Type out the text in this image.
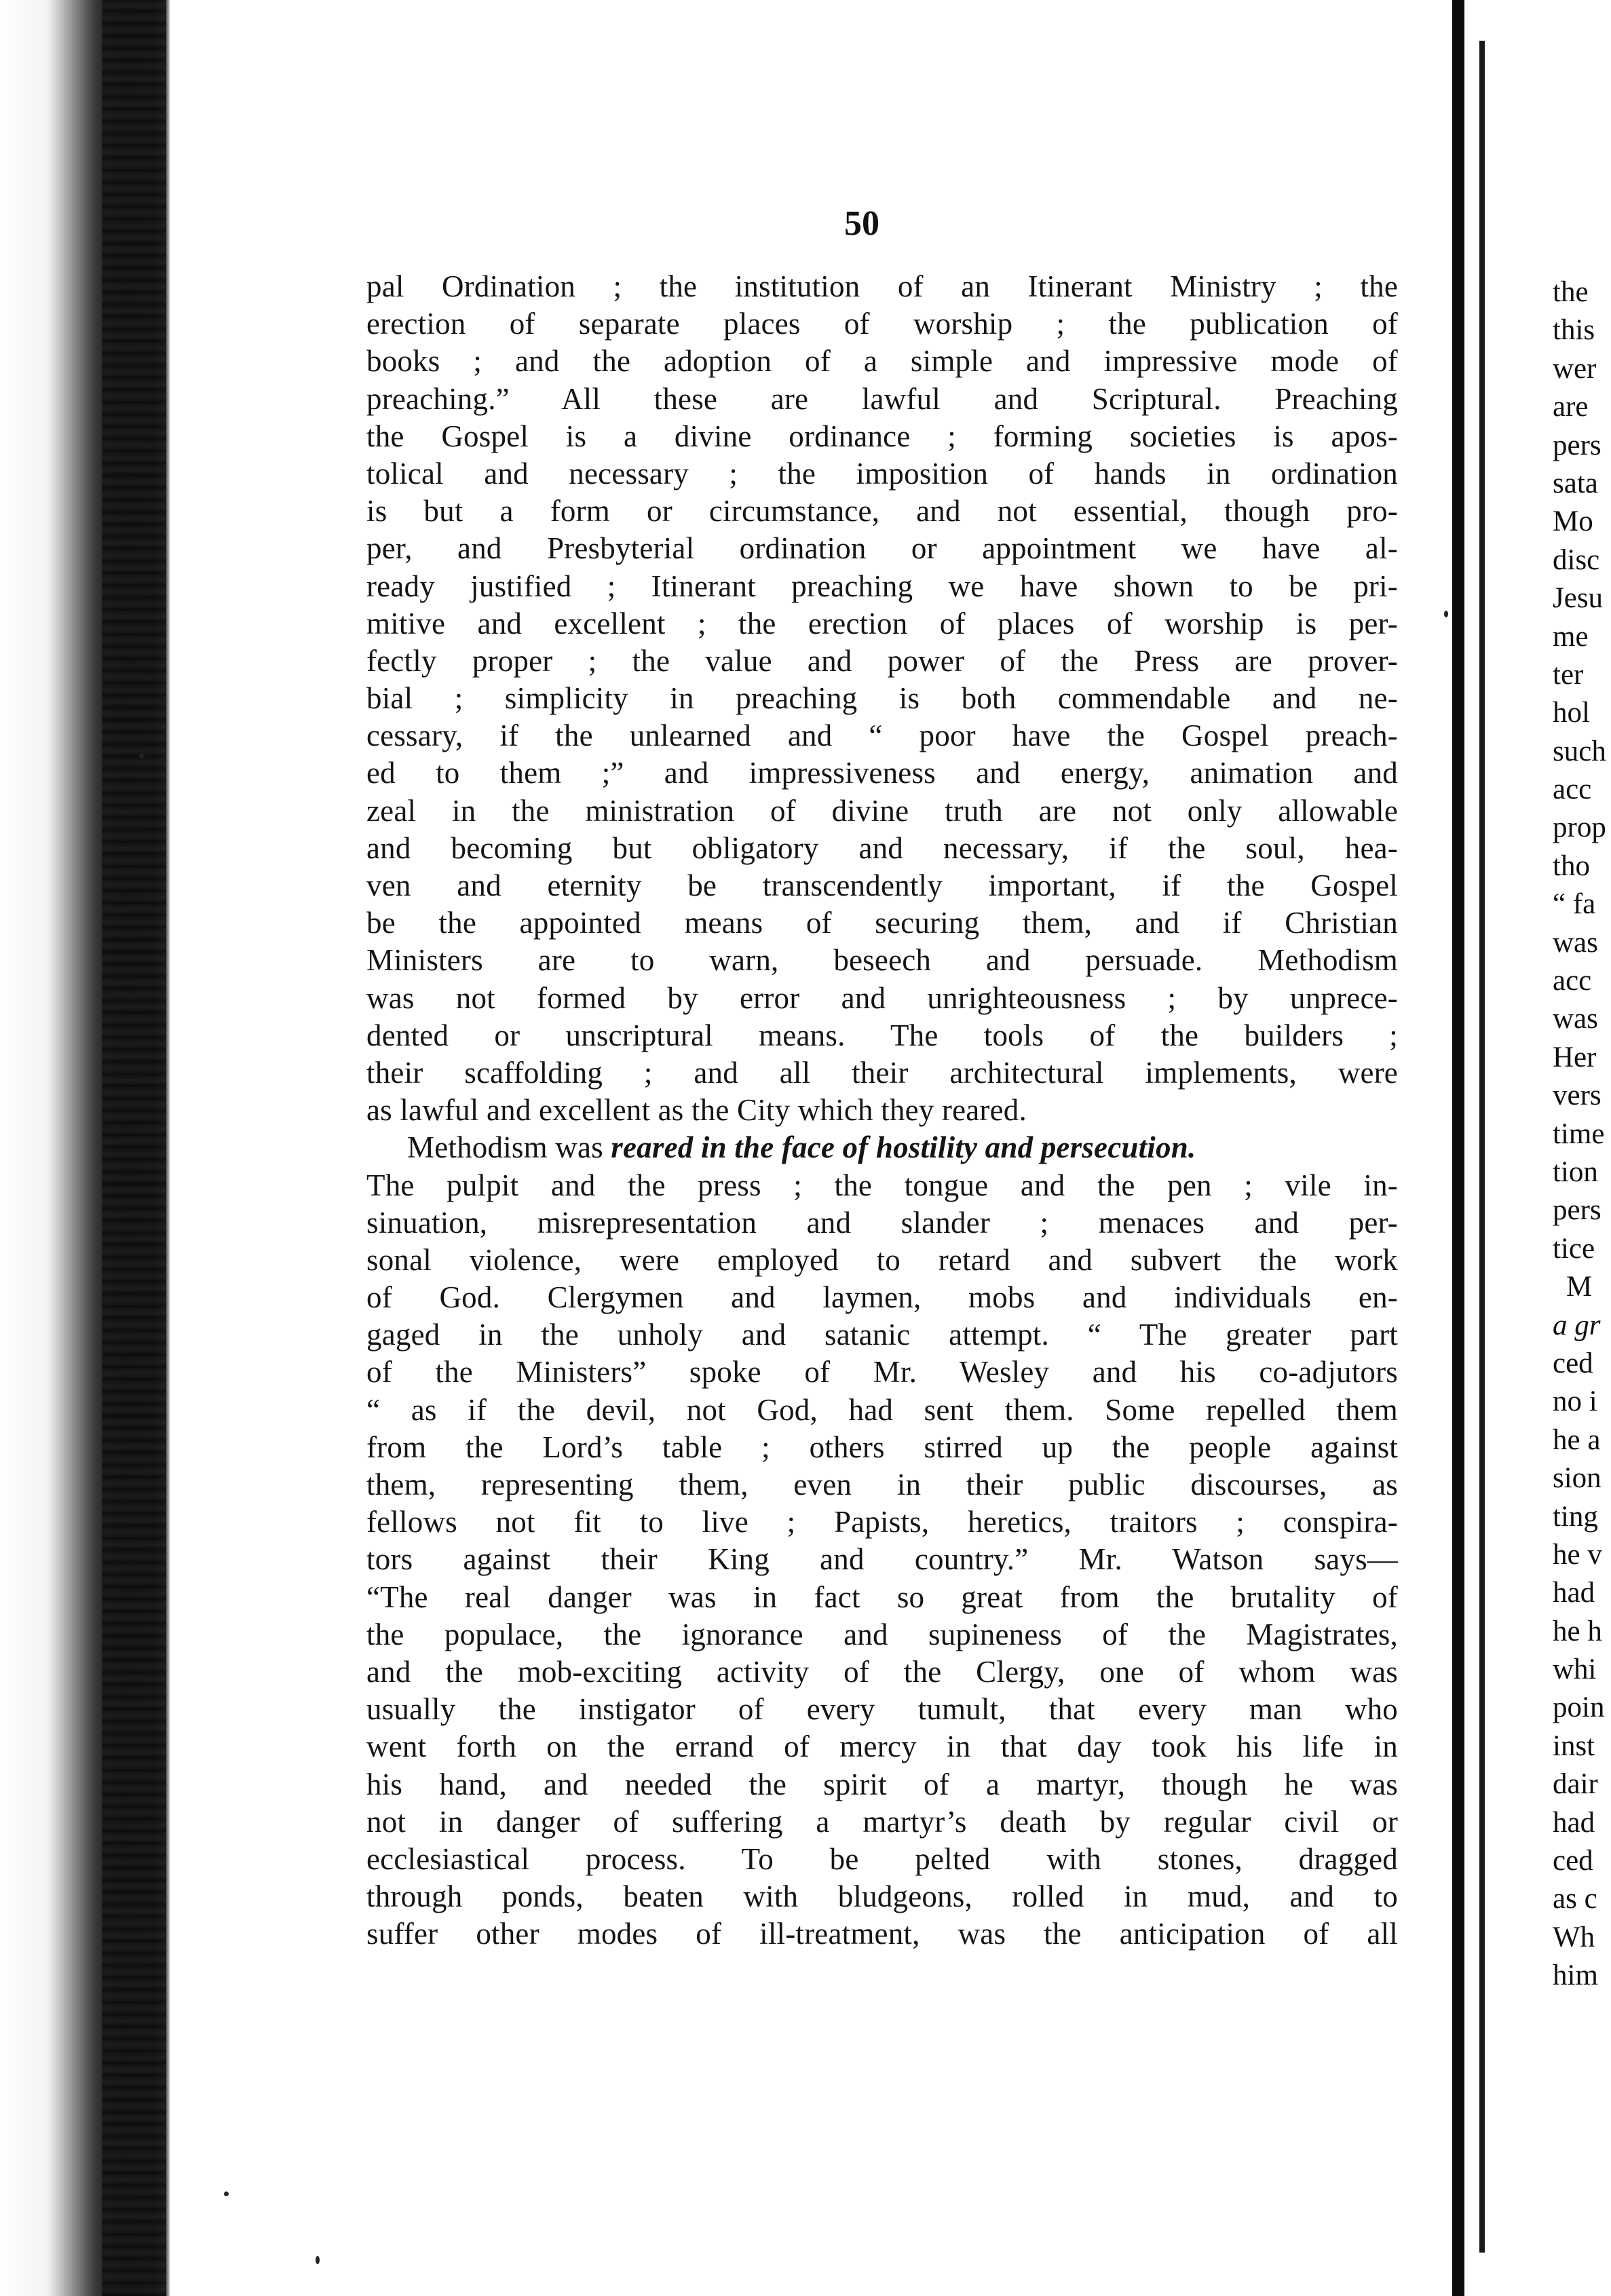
50
pal Ordination ; the institution of an Itinerant Ministry ; the
erection of separate places of worship ; the publication of
books ; and the adoption of a simple and impressive mode of
preaching.” All these are lawful and Scriptural. Preaching
the Gospel is a divine ordinance ; forming societies is apos-
tolical and necessary ; the imposition of hands in ordination
is but a form or circumstance, and not essential, though pro-
per, and Presbyterial ordination or appointment we have al-
ready justified ; Itinerant preaching we have shown to be pri-
mitive and excellent ; the erection of places of worship is per-
fectly proper ; the value and power of the Press are prover-
bial ; simplicity in preaching is both commendable and ne-
cessary, if the unlearned and “ poor have the Gospel preach-
ed to them ;” and impressiveness and energy, animation and
zeal in the ministration of divine truth are not only allowable
and becoming but obligatory and necessary, if the soul, hea-
ven and eternity be transcendently important, if the Gospel
be the appointed means of securing them, and if Christian
Ministers are to warn, beseech and persuade. Methodism
was not formed by error and unrighteousness ; by unprece-
dented or unscriptural means. The tools of the builders ;
their scaffolding ; and all their architectural implements, were
as lawful and excellent as the City which they reared.
Methodism was reared in the face of hostility and persecution.
The pulpit and the press ; the tongue and the pen ; vile in-
sinuation, misrepresentation and slander ; menaces and per-
sonal violence, were employed to retard and subvert the work
of God. Clergymen and laymen, mobs and individuals en-
gaged in the unholy and satanic attempt. “ The greater part
of the Ministers” spoke of Mr. Wesley and his co-adjutors
“ as if the devil, not God, had sent them. Some repelled them
from the Lord’s table ; others stirred up the people against
them, representing them, even in their public discourses, as
fellows not fit to live ; Papists, heretics, traitors ; conspira-
tors against their King and country.” Mr. Watson says—
“The real danger was in fact so great from the brutality of
the populace, the ignorance and supineness of the Magistrates,
and the mob-exciting activity of the Clergy, one of whom was
usually the instigator of every tumult, that every man who
went forth on the errand of mercy in that day took his life in
his hand, and needed the spirit of a martyr, though he was
not in danger of suffering a martyr’s death by regular civil or
ecclesiastical process. To be pelted with stones, dragged
through ponds, beaten with bludgeons, rolled in mud, and to
suffer other modes of ill-treatment, was the anticipation of all
the
this
wer
are
pers
sata
Mo
disc
Jesu
me
ter
hol
such
acc
prop
tho
“ fa
was
acc
was
Her
vers
time
tion
pers
tice
M
a gr
ced
no i
he a
sion
ting
he v
had
he h
whi
poin
inst
dair
had
ced
as c
Wh
him
